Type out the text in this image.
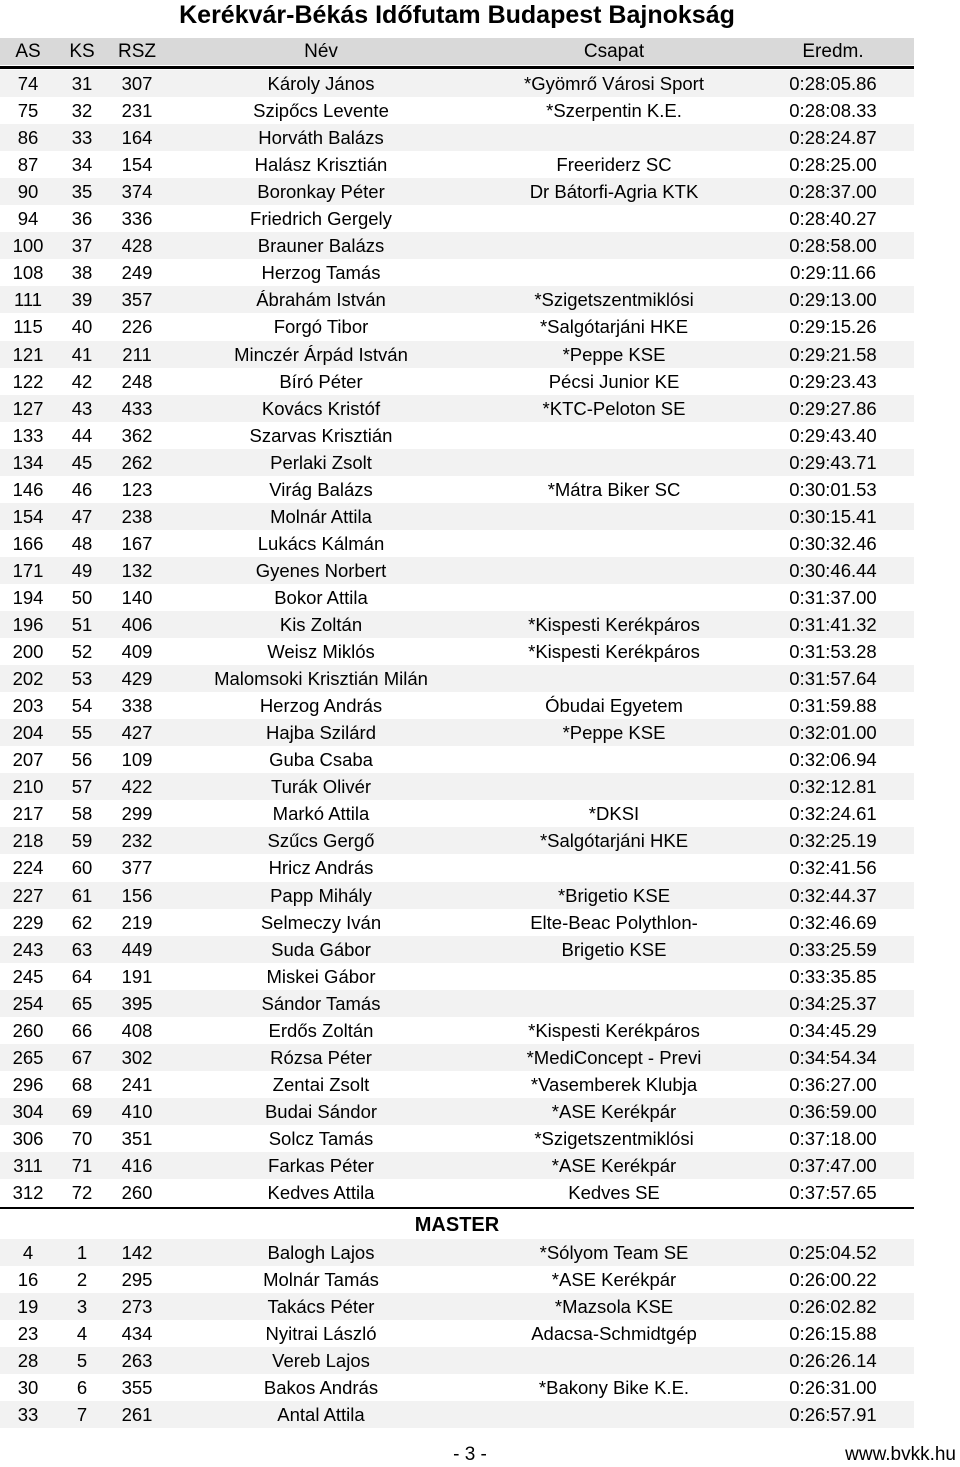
Kerékvár-Békás Időfutam Budapest Bajnokság
AS	KS	RSZ	Név	Csapat	Eredm.
74	31	307	Károly János	*Gyömrő Városi Sport	0:28:05.86
75	32	231	Szipőcs Levente	*Szerpentin K.E.	0:28:08.33
86	33	164	Horváth Balázs	0:28:24.87
87	34	154	Halász Krisztián	Freeriderz SC	0:28:25.00
90	35	374	Boronkay Péter	Dr Bátorfi-Agria KTK	0:28:37.00
94	36	336	Friedrich Gergely	0:28:40.27
100	37	428	Brauner Balázs	0:28:58.00
108	38	249	Herzog Tamás	0:29:11.66
111	39	357	Ábrahám István	*Szigetszentmiklósi	0:29:13.00
115	40	226	Forgó Tibor	*Salgótarjáni HKE	0:29:15.26
121	41	211	Minczér Árpád István	*Peppe KSE	0:29:21.58
122	42	248	Bíró Péter	Pécsi Junior KE	0:29:23.43
127	43	433	Kovács Kristóf	*KTC-Peloton SE	0:29:27.86
133	44	362	Szarvas Krisztián	0:29:43.40
134	45	262	Perlaki Zsolt	0:29:43.71
146	46	123	Virág Balázs	*Mátra Biker SC	0:30:01.53
154	47	238	Molnár Attila	0:30:15.41
166	48	167	Lukács Kálmán	0:30:32.46
171	49	132	Gyenes Norbert	0:30:46.44
194	50	140	Bokor Attila	0:31:37.00
196	51	406	Kis Zoltán	*Kispesti Kerékpáros	0:31:41.32
200	52	409	Weisz Miklós	*Kispesti Kerékpáros	0:31:53.28
202	53	429	Malomsoki Krisztián Milán	0:31:57.64
203	54	338	Herzog András	Óbudai Egyetem	0:31:59.88
204	55	427	Hajba Szilárd	*Peppe KSE	0:32:01.00
207	56	109	Guba Csaba	0:32:06.94
210	57	422	Turák Olivér	0:32:12.81
217	58	299	Markó Attila	*DKSI	0:32:24.61
218	59	232	Szűcs Gergő	*Salgótarjáni HKE	0:32:25.19
224	60	377	Hricz András	0:32:41.56
227	61	156	Papp Mihály	*Brigetio KSE	0:32:44.37
229	62	219	Selmeczy Iván	Elte-Beac Polythlon-	0:32:46.69
243	63	449	Suda Gábor	Brigetio KSE	0:33:25.59
245	64	191	Miskei Gábor	0:33:35.85
254	65	395	Sándor Tamás	0:34:25.37
260	66	408	Erdős Zoltán	*Kispesti Kerékpáros	0:34:45.29
265	67	302	Rózsa Péter	*MediConcept - Previ	0:34:54.34
296	68	241	Zentai Zsolt	*Vasemberek Klubja	0:36:27.00
304	69	410	Budai Sándor	*ASE Kerékpár	0:36:59.00
306	70	351	Solcz Tamás	*Szigetszentmiklósi	0:37:18.00
311	71	416	Farkas Péter	*ASE Kerékpár	0:37:47.00
312	72	260	Kedves Attila	Kedves SE	0:37:57.65
MASTER
4	1	142	Balogh Lajos	*Sólyom Team SE	0:25:04.52
16	2	295	Molnár Tamás	*ASE Kerékpár	0:26:00.22
19	3	273	Takács Péter	*Mazsola KSE	0:26:02.82
23	4	434	Nyitrai László	Adacsa-Schmidtgép	0:26:15.88
28	5	263	Vereb Lajos	0:26:26.14
30	6	355	Bakos András	*Bakony Bike K.E.	0:26:31.00
33	7	261	Antal Attila	0:26:57.91
- 3 -	www.bvkk.hu
